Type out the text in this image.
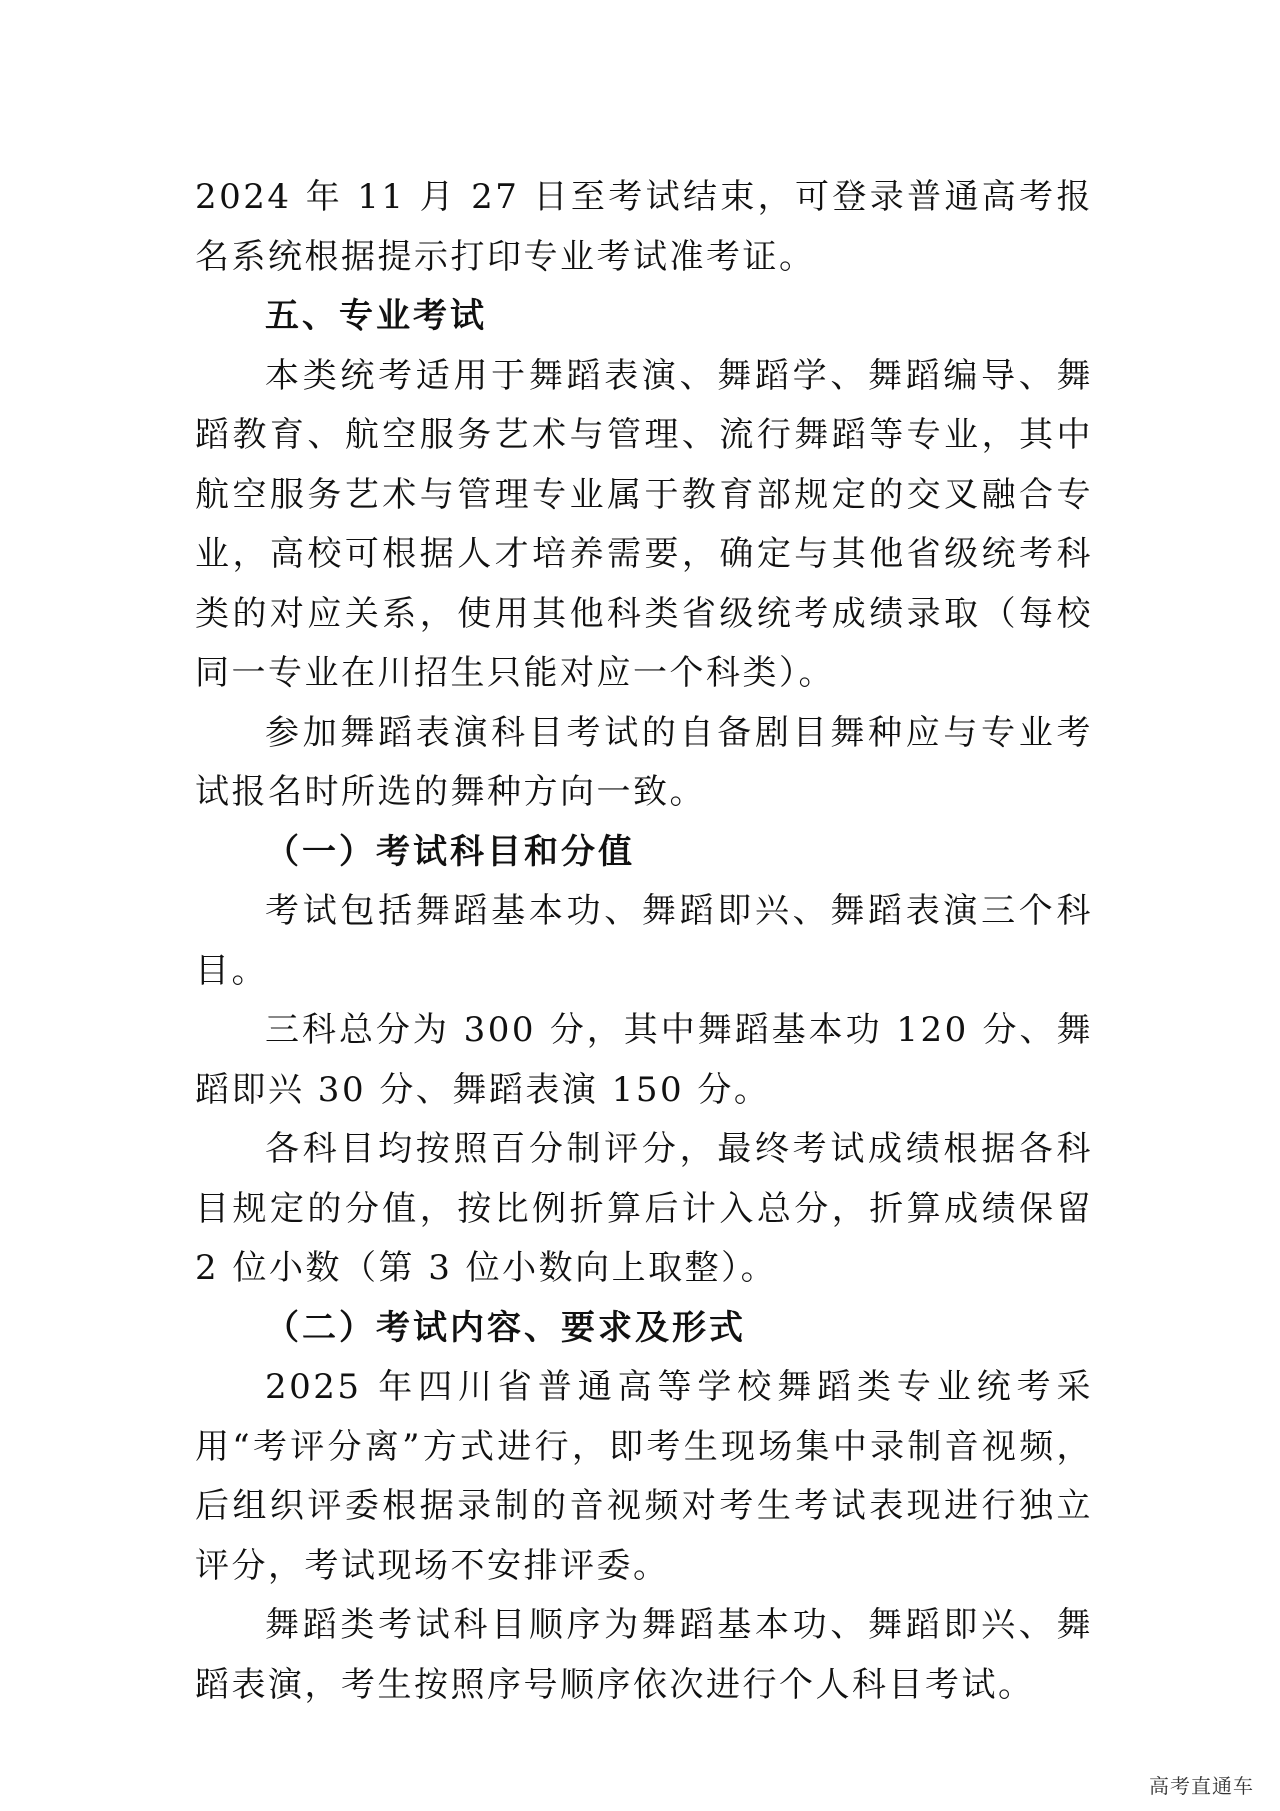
2024 年 11 月 27 日至考试结束，可登录普通高考报名系统根据提示打印专业考试准考证。

五、专业考试

本类统考适用于舞蹈表演、舞蹈学、舞蹈编导、舞蹈教育、航空服务艺术与管理、流行舞蹈等专业，其中航空服务艺术与管理专业属于教育部规定的交叉融合专业，高校可根据人才培养需要，确定与其他省级统考科类的对应关系，使用其他科类省级统考成绩录取（每校同一专业在川招生只能对应一个科类）。

参加舞蹈表演科目考试的自备剧目舞种应与专业考试报名时所选的舞种方向一致。

（一）考试科目和分值

考试包括舞蹈基本功、舞蹈即兴、舞蹈表演三个科目。

三科总分为 300 分，其中舞蹈基本功 120 分、舞蹈即兴 30 分、舞蹈表演 150 分。

各科目均按照百分制评分，最终考试成绩根据各科目规定的分值，按比例折算后计入总分，折算成绩保留 2 位小数（第 3 位小数向上取整）。

（二）考试内容、要求及形式

2025 年四川省普通高等学校舞蹈类专业统考采用“考评分离”方式进行，即考生现场集中录制音视频，后组织评委根据录制的音视频对考生考试表现进行独立评分，考试现场不安排评委。

舞蹈类考试科目顺序为舞蹈基本功、舞蹈即兴、舞蹈表演，考生按照序号顺序依次进行个人科目考试。

高考直通车
